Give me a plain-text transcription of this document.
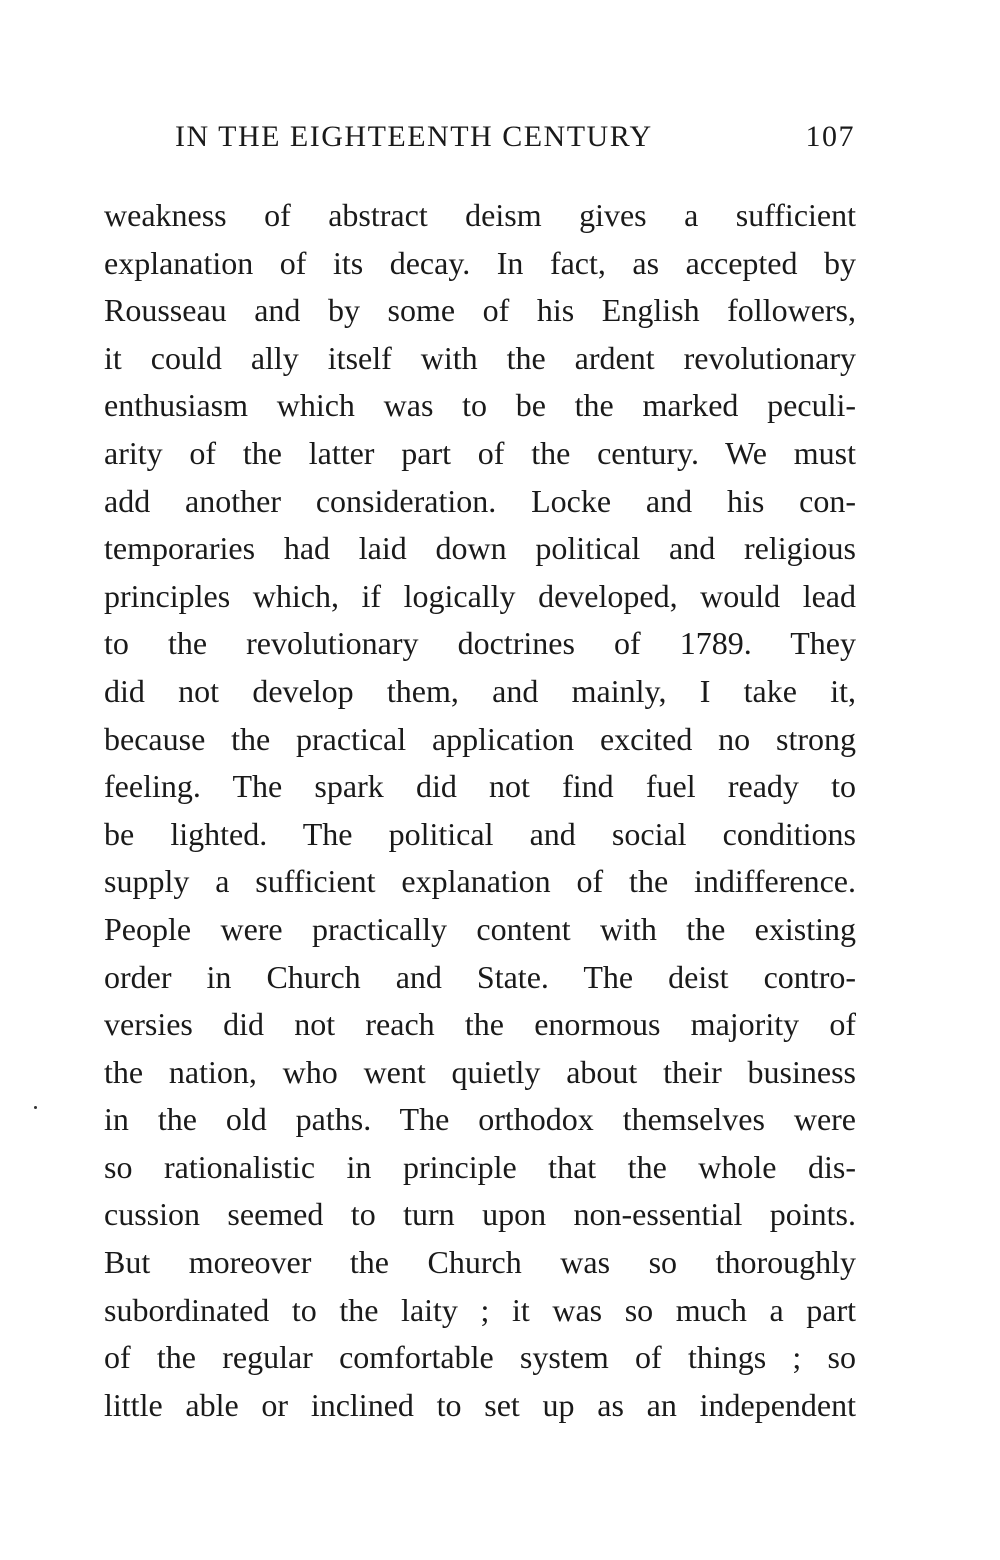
IN THE EIGHTEENTH CENTURY	107
weakness of abstract deism gives a sufficient
explanation of its decay. In fact, as accepted by
Rousseau and by some of his English followers,
it could ally itself with the ardent revolutionary
enthusiasm which was to be the marked peculi-
arity of the latter part of the century. We must
add another consideration. Locke and his con-
temporaries had laid down political and religious
principles which, if logically developed, would lead
to the revolutionary doctrines of 1789. They
did not develop them, and mainly, I take it,
because the practical application excited no strong
feeling. The spark did not find fuel ready to
be lighted. The political and social conditions
supply a sufficient explanation of the indifference.
People were practically content with the existing
order in Church and State. The deist contro-
versies did not reach the enormous majority of
the nation, who went quietly about their business
in the old paths. The orthodox themselves were
so rationalistic in principle that the whole dis-
cussion seemed to turn upon non-essential points.
But moreover the Church was so thoroughly
subordinated to the laity ; it was so much a part
of the regular comfortable system of things ; so
little able or inclined to set up as an independent
